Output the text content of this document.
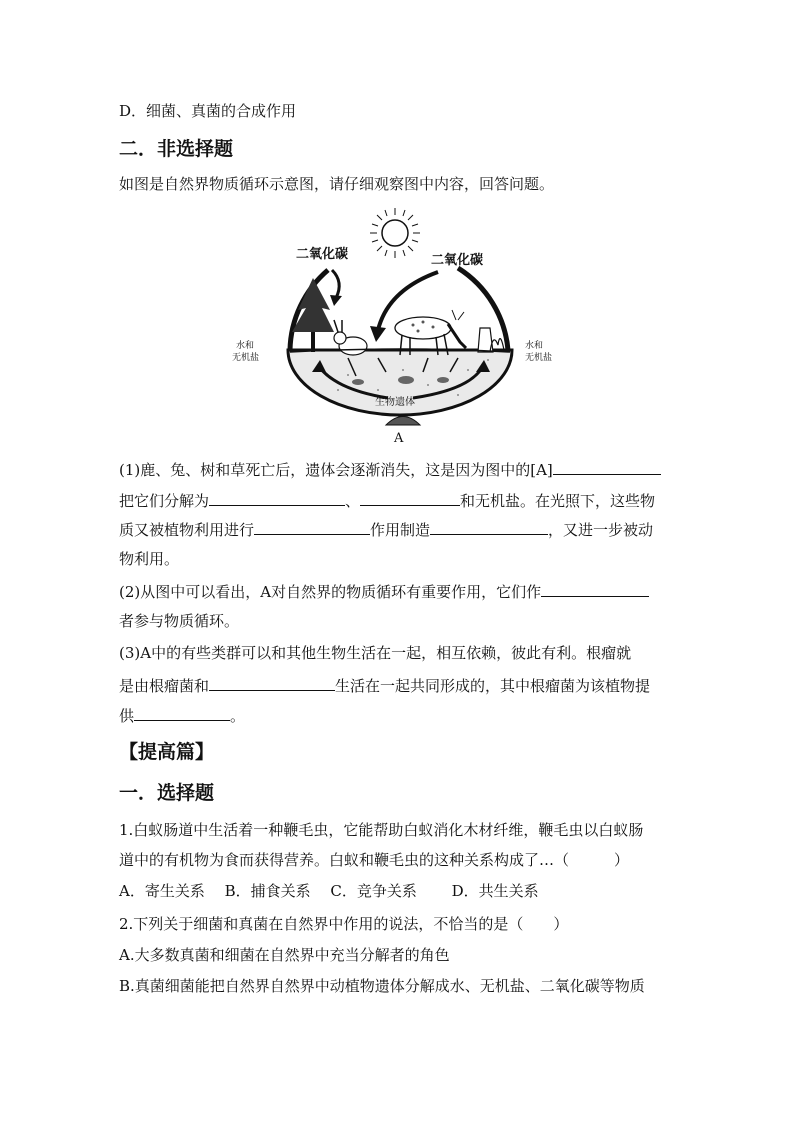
D．细菌、真菌的合成作用
二．非选择题
如图是自然界物质循环示意图，请仔细观察图中内容，回答问题。
二氧化碳	二氧化碳
水和
无机盐
水和
无机盐
生物遗体
A
(1)鹿、兔、树和草死亡后，遗体会逐渐消失，这是因为图中的[A]
把它们分解为	、	和无机盐。在光照下，这些物
质又被植物利用进行	作用制造	，又进一步被动
物利用。
(2)从图中可以看出，A对自然界的物质循环有重要作用，它们作
者参与物质循环。
(3)A中的有些类群可以和其他生物生活在一起，相互依赖，彼此有利。根瘤就
是由根瘤菌和	生活在一起共同形成的，其中根瘤菌为该植物提
供	。
【提高篇】
一．选择题
1.白蚁肠道中生活着一种鞭毛虫，它能帮助白蚁消化木材纤维，鞭毛虫以白蚁肠
道中的有机物为食而获得营养。白蚁和鞭毛虫的这种关系构成了…（　　　）
A．寄生关系　 B．捕食关系　 C．竞争关系　　 D．共生关系
2.下列关于细菌和真菌在自然界中作用的说法，不恰当的是（　　）
A.大多数真菌和细菌在自然界中充当分解者的角色
B.真菌细菌能把自然界自然界中动植物遗体分解成水、无机盐、二氧化碳等物质
